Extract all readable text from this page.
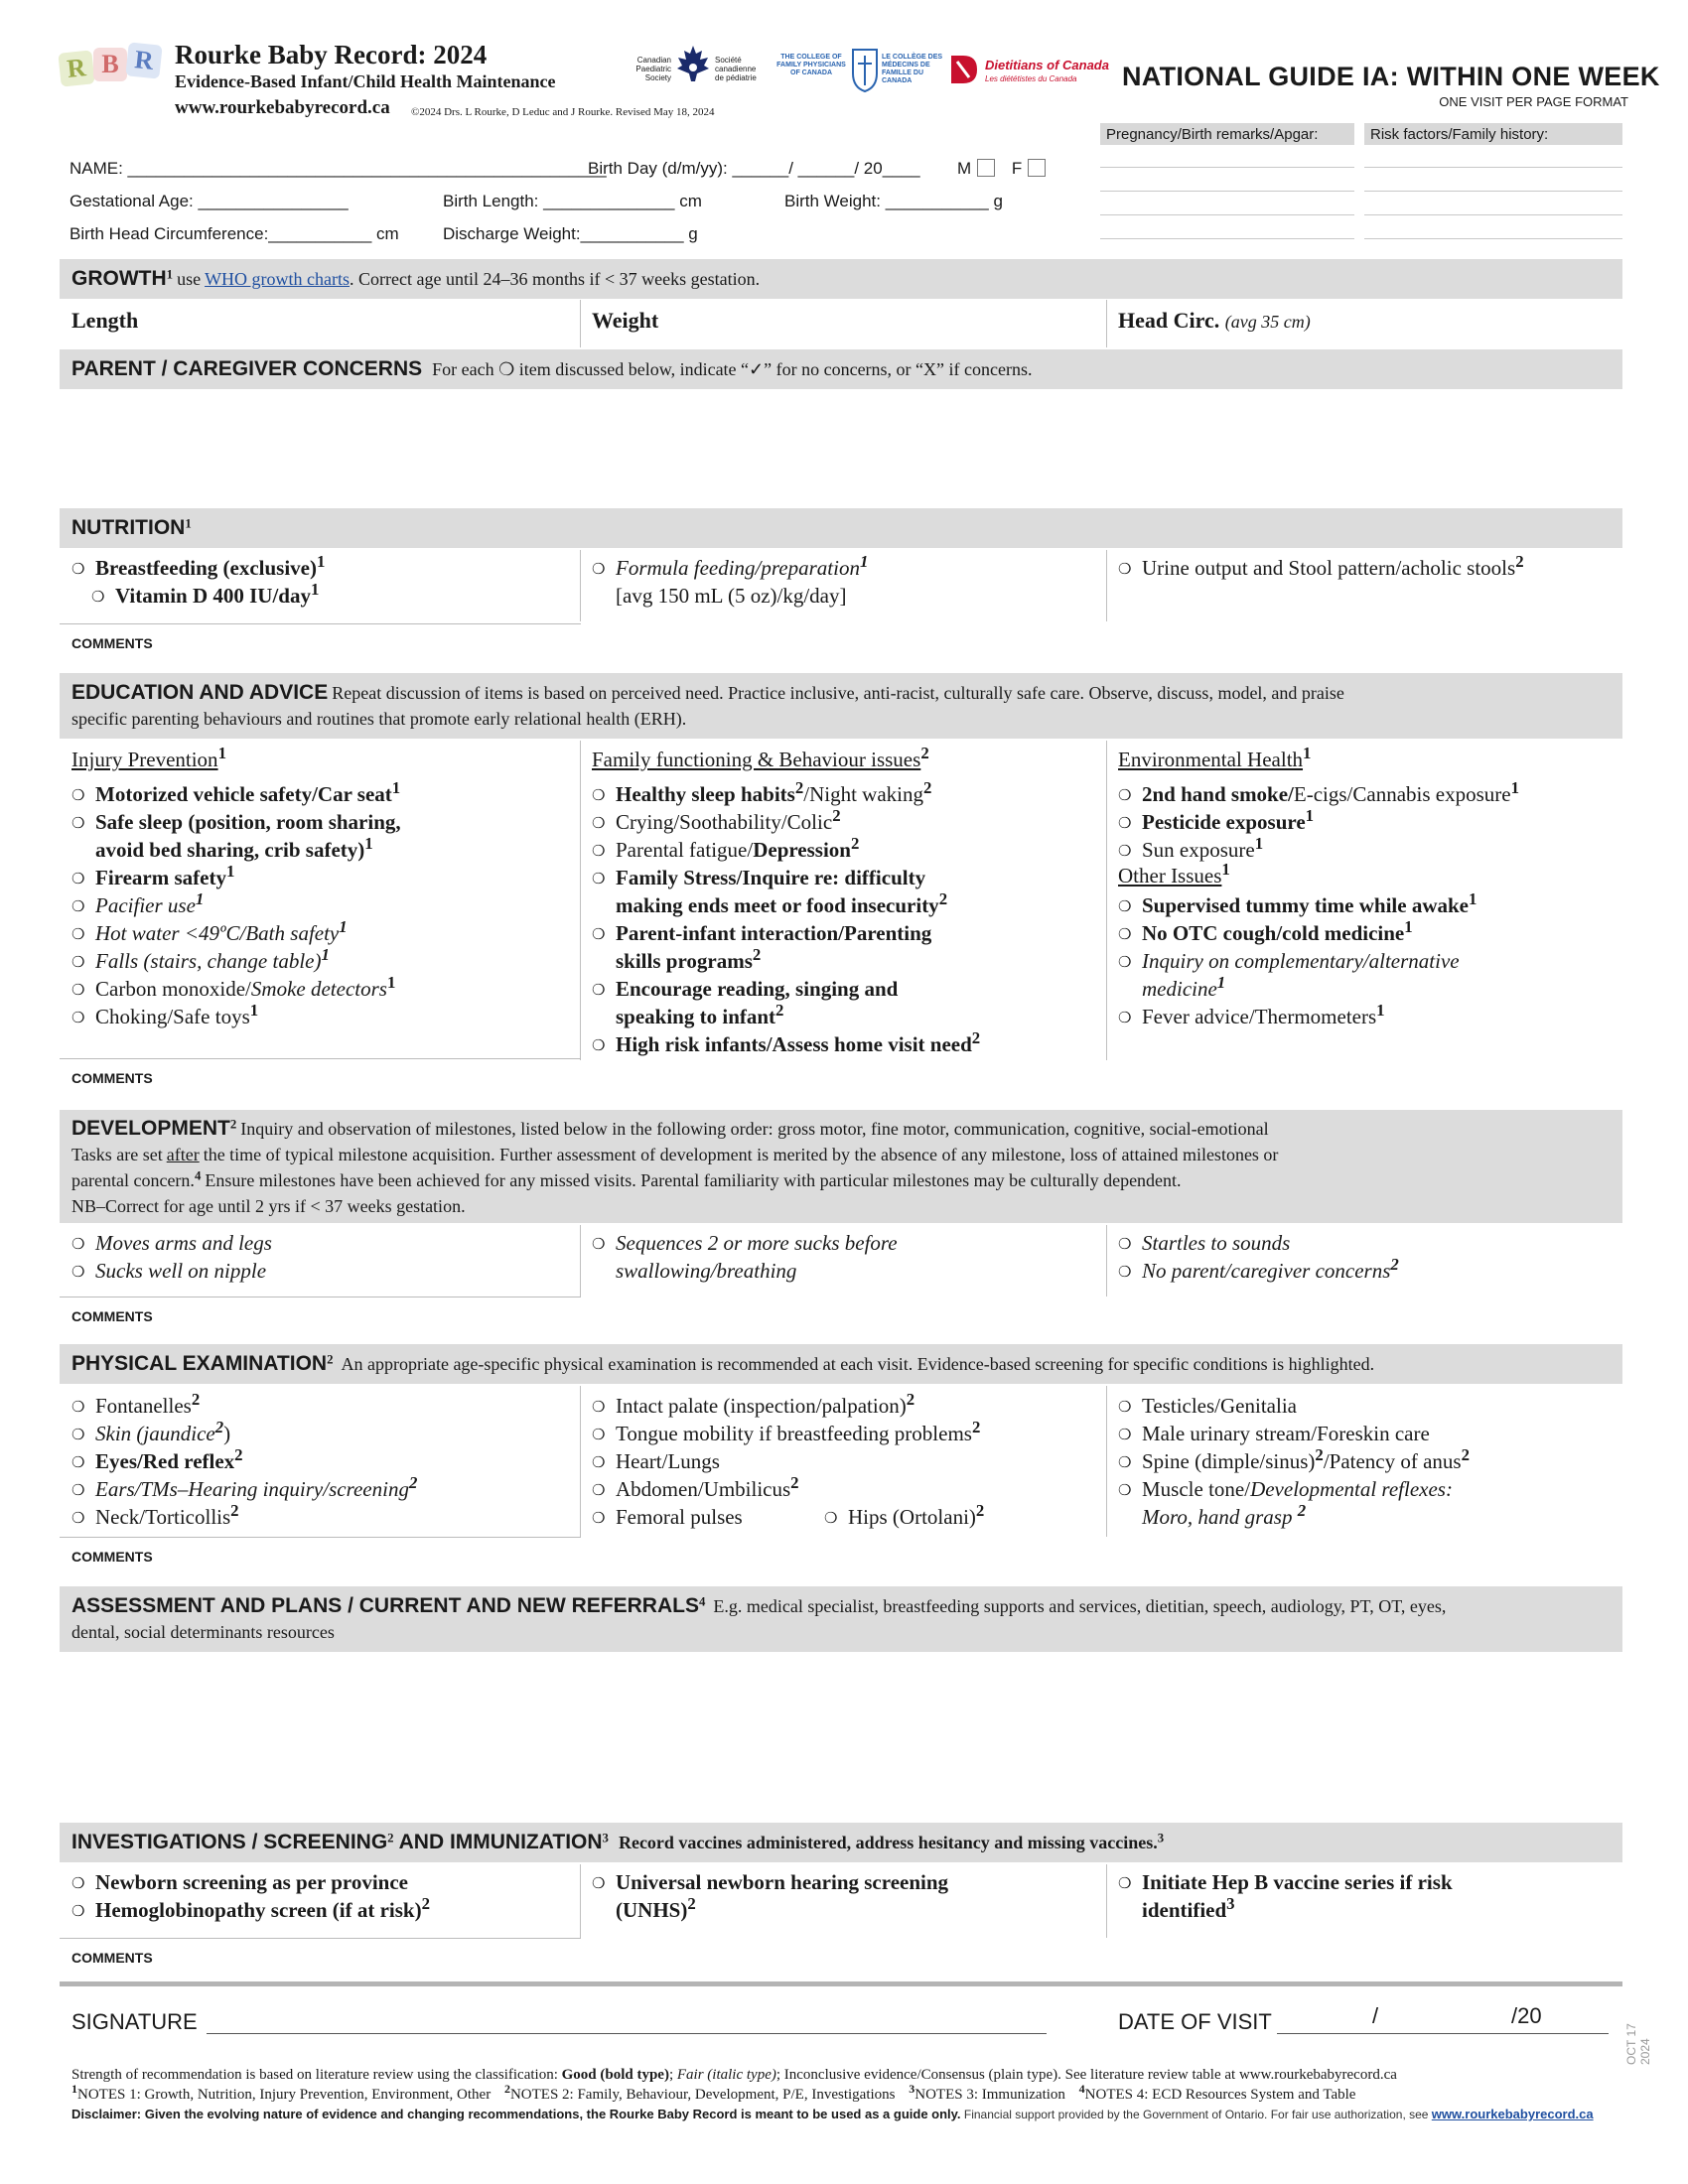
R B R Rourke Baby Record: 2024
Evidence-Based Infant/Child Health Maintenance
www.rourkebabyrecord.ca ©2024 Drs. L Rourke, D Leduc and J Rourke. Revised May 18, 2024
Canadian Paediatric Society
Société canadienne de pédiatrie
THE COLLEGE OF FAMILY PHYSICIANS OF CANADA
LE COLLÈGE DES MÉDECINS DE FAMILLE DU CANADA
Dietitians of Canada
Les diététistes du Canada NATIONAL GUIDE IA: WITHIN ONE WEEK
ONE VISIT PER PAGE FORMAT
Pregnancy/Birth remarks/Apgar:	Risk factors/Family history:
NAME: ___________________________________________________
Birth Day (d/m/yy): ______/ ______/ 20____ M F
Gestational Age: ________________	Birth Length: ______________ cm	Birth Weight: ___________ g
Birth Head Circumference:___________ cm	Discharge Weight:___________ g
GROWTH$^1$ use WHO growth charts. Correct age until 24–36 months if < 37 weeks gestation.
Length	Weight	Head Circ. (avg 35 cm)
PARENT / CAREGIVER CONCERNS For each ❍ item discussed below, indicate “✓” for no concerns, or “X” if concerns.
NUTRITION$^1$
❍ Breastfeeding (exclusive)$^1$
❍ Vitamin D 400 IU/day$^1$
❍ Formula feeding/preparation$^1$
[avg 150 mL (5 oz)/kg/day]
❍ Urine output and Stool pattern/acholic stools$^2$
COMMENTS
EDUCATION AND ADVICE Repeat discussion of items is based on perceived need. Practice inclusive, anti-racist, culturally safe care. Observe, discuss, model, and praise
specific parenting behaviours and routines that promote early relational health (ERH).
Injury Prevention1
❍ Motorized vehicle safety/Car seat$^1$
❍ Safe sleep (position, room sharing,
avoid bed sharing, crib safety)$^1$
❍ Firearm safety$^1$
❍ Pacifier use$^1$
❍ Hot water <49ºC/Bath safety$^1$
❍ Falls (stairs, change table)$^1$
❍ Carbon monoxide/Smoke detectors$^1$
❍ Choking/Safe toys$^1$
Family functioning & Behaviour issues2
❍ Healthy sleep habits$^2$/Night waking$^2$
❍ Crying/Soothability/Colic$^2$
❍ Parental fatigue/Depression$^2$
❍ Family Stress/Inquire re: difficulty
making ends meet or food insecurity$^2$
❍ Parent-infant interaction/Parenting
skills programs$^2$
❍ Encourage reading, singing and
speaking to infant$^2$
❍ High risk infants/Assess home visit need$^2$
Environmental Health1
❍ 2nd hand smoke/E-cigs/Cannabis exposure$^1$
❍ Pesticide exposure$^1$
❍ Sun exposure$^1$
Other Issues1
❍ Supervised tummy time while awake$^1$
❍ No OTC cough/cold medicine$^1$
❍ Inquiry on complementary/alternative
medicine$^1$
❍ Fever advice/Thermometers$^1$
COMMENTS
DEVELOPMENT$^2$ Inquiry and observation of milestones, listed below in the following order: gross motor, fine motor, communication, cognitive, social-emotional
Tasks are set after the time of typical milestone acquisition. Further assessment of development is merited by the absence of any milestone, loss of attained milestones or
parental concern.$^4$ Ensure milestones have been achieved for any missed visits. Parental familiarity with particular milestones may be culturally dependent.
NB–Correct for age until 2 yrs if < 37 weeks gestation.
❍ Moves arms and legs
❍ Sucks well on nipple
❍ Sequences 2 or more sucks before
swallowing/breathing
❍ Startles to sounds
❍ No parent/caregiver concerns$^2$
COMMENTS
PHYSICAL EXAMINATION$^2$ An appropriate age-specific physical examination is recommended at each visit. Evidence-based screening for specific conditions is highlighted.
❍ Fontanelles$^2$
❍ Skin (jaundice$^2$)
❍ Eyes/Red reflex$^2$
❍ Ears/TMs–Hearing inquiry/screening$^2$
❍ Neck/Torticollis$^2$
❍ Intact palate (inspection/palpation)$^2$
❍ Tongue mobility if breastfeeding problems$^2$
❍ Heart/Lungs
❍ Abdomen/Umbilicus$^2$
❍ Femoral pulses	❍ Hips (Ortolani)$^2$
❍ Testicles/Genitalia
❍ Male urinary stream/Foreskin care
❍ Spine (dimple/sinus)$^2$/Patency of anus$^2$
❍ Muscle tone/Developmental reflexes:
Moro, hand grasp $^2$
COMMENTS
ASSESSMENT AND PLANS / CURRENT AND NEW REFERRALS$^4$ E.g. medical specialist, breastfeeding supports and services, dietitian, speech, audiology, PT, OT, eyes,
dental, social determinants resources
INVESTIGATIONS / SCREENING$^2$ AND IMMUNIZATION$^3$ Record vaccines administered, address hesitancy and missing vaccines.$^3$
❍ Newborn screening as per province
❍ Hemoglobinopathy screen (if at risk)$^2$
❍ Universal newborn hearing screening
(UNHS)$^2$
❍ Initiate Hep B vaccine series if risk
identified$^3$
COMMENTS
SIGNATURE	DATE OF VISIT	/	/20
Strength of recommendation is based on literature review using the classification: Good (bold type); Fair (italic type); Inconclusive evidence/Consensus (plain type). See literature review table at www.rourkebabyrecord.ca
$^1$NOTES 1: Growth, Nutrition, Injury Prevention, Environment, Other $^2$NOTES 2: Family, Behaviour, Development, P/E, Investigations $^3$NOTES 3: Immunization $^4$NOTES 4: ECD Resources System and Table
Disclaimer: Given the evolving nature of evidence and changing recommendations, the Rourke Baby Record is meant to be used as a guide only. Financial support provided by the Government of Ontario. For fair use authorization, see www.rourkebabyrecord.ca
OCT 17 2024
